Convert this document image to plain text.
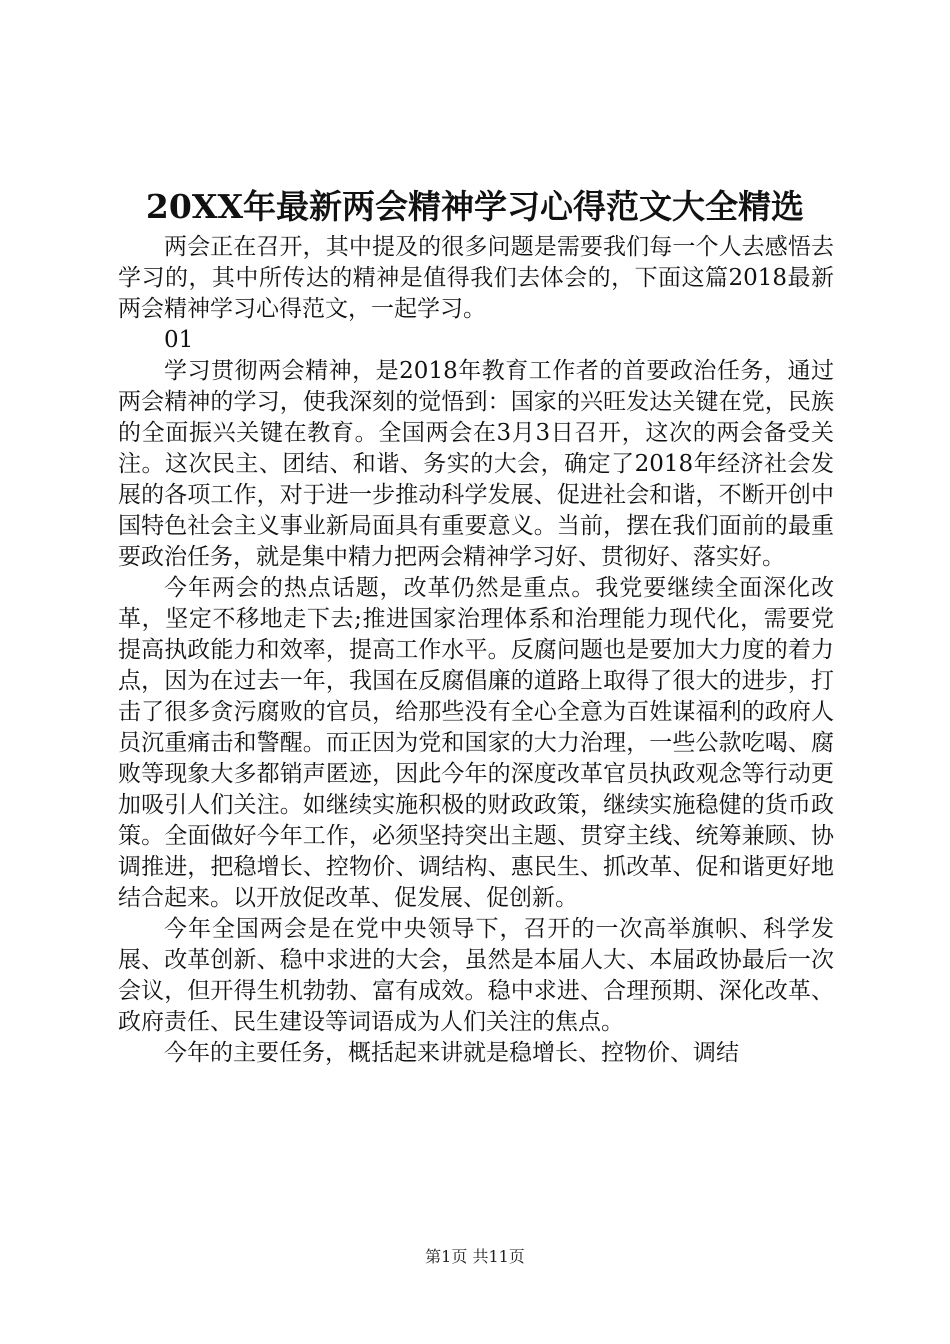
20XX年最新两会精神学习心得范文大全精选

两会正在召开，其中提及的很多问题是需要我们每一个人去感悟去学习的，其中所传达的精神是值得我们去体会的，下面这篇2018最新两会精神学习心得范文，一起学习。

01

学习贯彻两会精神，是2018年教育工作者的首要政治任务，通过两会精神的学习，使我深刻的觉悟到：国家的兴旺发达关键在党，民族的全面振兴关键在教育。全国两会在3月3日召开，这次的两会备受关注。这次民主、团结、和谐、务实的大会，确定了2018年经济社会发展的各项工作，对于进一步推动科学发展、促进社会和谐，不断开创中国特色社会主义事业新局面具有重要意义。当前，摆在我们面前的最重要政治任务，就是集中精力把两会精神学习好、贯彻好、落实好。

今年两会的热点话题，改革仍然是重点。我党要继续全面深化改革，坚定不移地走下去;推进国家治理体系和治理能力现代化，需要党提高执政能力和效率，提高工作水平。反腐问题也是要加大力度的着力点，因为在过去一年，我国在反腐倡廉的道路上取得了很大的进步，打击了很多贪污腐败的官员，给那些没有全心全意为百姓谋福利的政府人员沉重痛击和警醒。而正因为党和国家的大力治理，一些公款吃喝、腐败等现象大多都销声匿迹，因此今年的深度改革官员执政观念等行动更加吸引人们关注。如继续实施积极的财政政策，继续实施稳健的货币政策。全面做好今年工作，必须坚持突出主题、贯穿主线、统筹兼顾、协调推进，把稳增长、控物价、调结构、惠民生、抓改革、促和谐更好地结合起来。以开放促改革、促发展、促创新。

今年全国两会是在党中央领导下，召开的一次高举旗帜、科学发展、改革创新、稳中求进的大会，虽然是本届人大、本届政协最后一次会议，但开得生机勃勃、富有成效。稳中求进、合理预期、深化改革、政府责任、民生建设等词语成为人们关注的焦点。

今年的主要任务，概括起来讲就是稳增长、控物价、调结

第1页 共11页
